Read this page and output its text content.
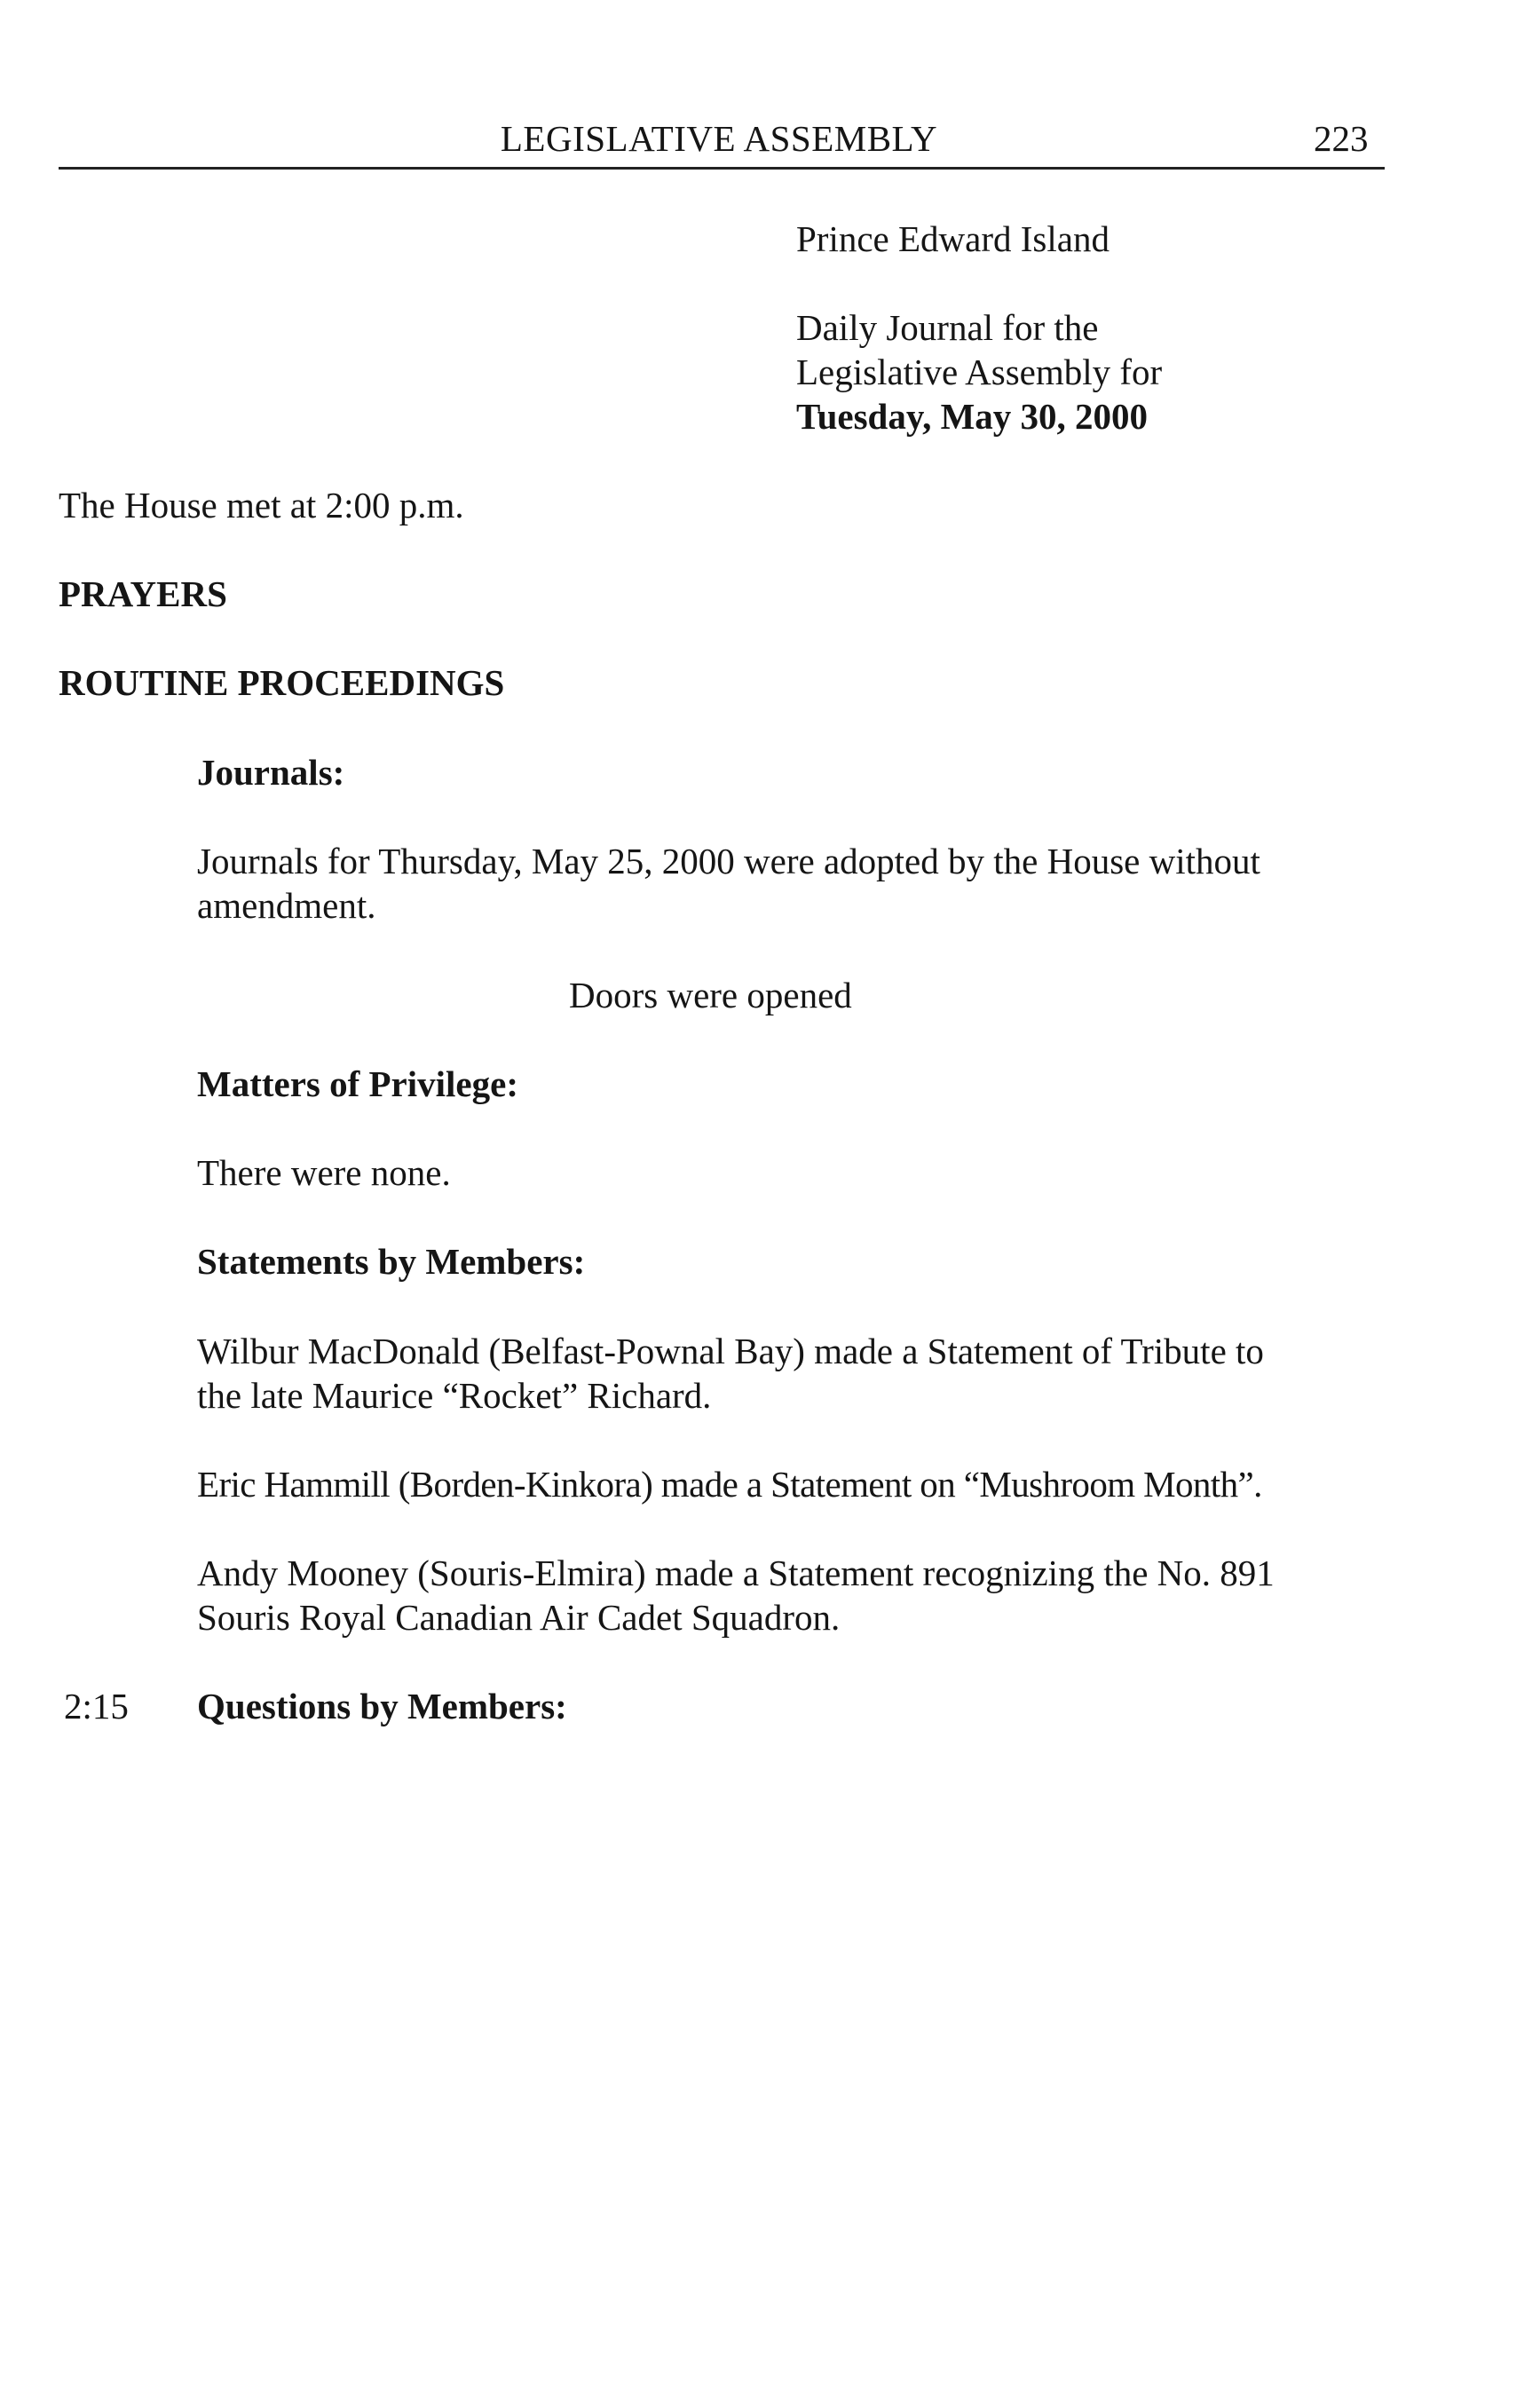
LEGISLATIVE ASSEMBLY	223
Prince Edward Island
Daily Journal for the
Legislative Assembly for
Tuesday, May 30, 2000
The House met at 2:00 p.m.
PRAYERS
ROUTINE PROCEEDINGS
Journals:
Journals for Thursday, May 25, 2000 were adopted by the House without
amendment.
Doors were opened
Matters of Privilege:
There were none.
Statements by Members:
Wilbur MacDonald (Belfast-Pownal Bay) made a Statement of Tribute to
the late Maurice “Rocket” Richard.
Eric Hammill (Borden-Kinkora) made a Statement on “Mushroom Month”.
Andy Mooney (Souris-Elmira) made a Statement recognizing the No. 891
Souris Royal Canadian Air Cadet Squadron.
2:15 Questions by Members:
